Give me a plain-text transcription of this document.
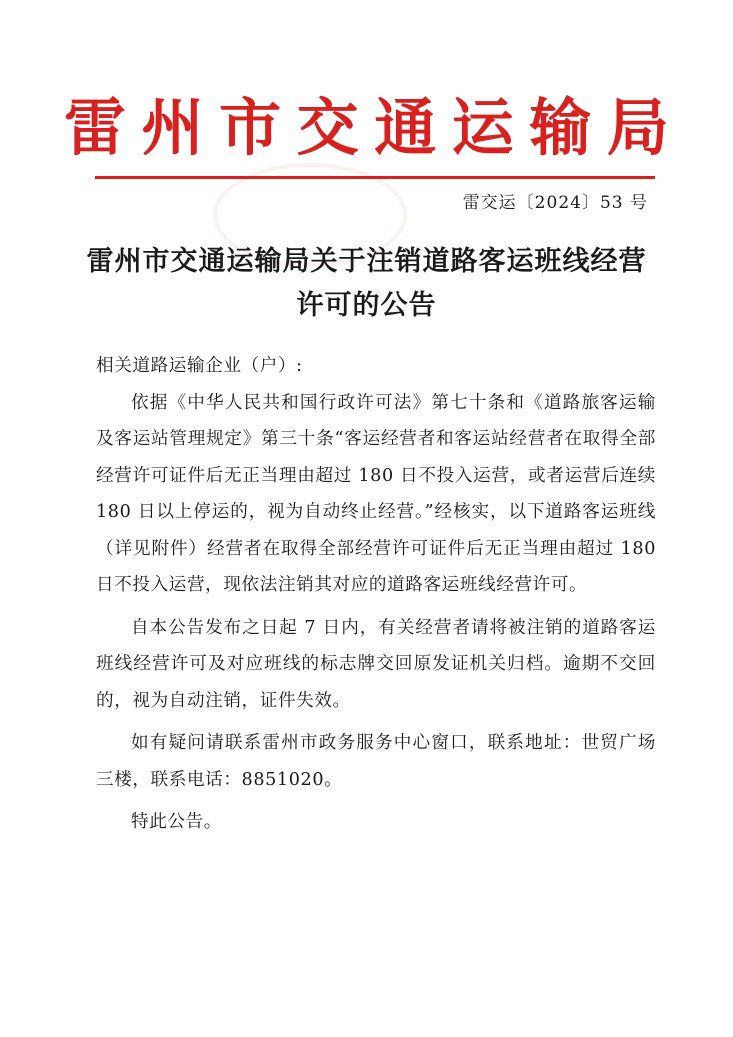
雷 州 市 交 通 运 输 局
雷交运〔2024〕53 号
雷州市交通运输局关于注销道路客运班线经营
许可的公告

相关道路运输企业（户）:

依据《中华人民共和国行政许可法》第七十条和《道路旅客运输及客运站管理规定》第三十条“客运经营者和客运站经营者在取得全部经营许可证件后无正当理由超过 180 日不投入运营，或者运营后连续 180 日以上停运的，视为自动终止经营。”经核实，以下道路客运班线（详见附件）经营者在取得全部经营许可证件后无正当理由超过 180 日不投入运营，现依法注销其对应的道路客运班线经营许可。

自本公告发布之日起 7 日内，有关经营者请将被注销的道路客运班线经营许可及对应班线的标志牌交回原发证机关归档。逾期不交回的，视为自动注销，证件失效。

如有疑问请联系雷州市政务服务中心窗口，联系地址：世贸广场三楼，联系电话：8851020。

特此公告。
